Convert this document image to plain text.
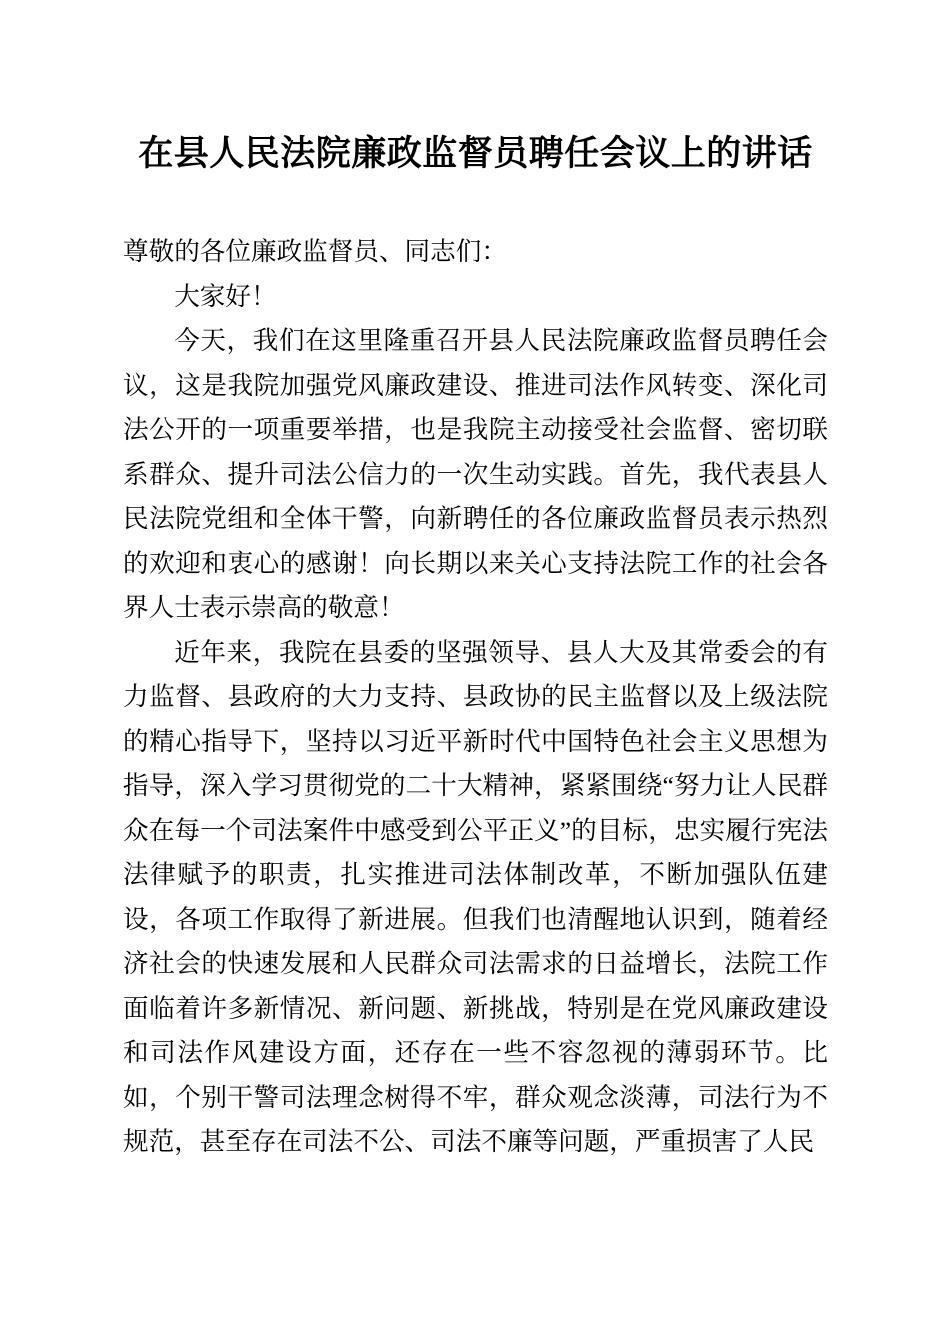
在县人民法院廉政监督员聘任会议上的讲话

尊敬的各位廉政监督员、同志们：

大家好！

今天，我们在这里隆重召开县人民法院廉政监督员聘任会议，这是我院加强党风廉政建设、推进司法作风转变、深化司法公开的一项重要举措，也是我院主动接受社会监督、密切联系群众、提升司法公信力的一次生动实践。首先，我代表县人民法院党组和全体干警，向新聘任的各位廉政监督员表示热烈的欢迎和衷心的感谢！向长期以来关心支持法院工作的社会各界人士表示崇高的敬意！

近年来，我院在县委的坚强领导、县人大及其常委会的有力监督、县政府的大力支持、县政协的民主监督以及上级法院的精心指导下，坚持以习近平新时代中国特色社会主义思想为指导，深入学习贯彻党的二十大精神，紧紧围绕“努力让人民群众在每一个司法案件中感受到公平正义”的目标，忠实履行宪法法律赋予的职责，扎实推进司法体制改革，不断加强队伍建设，各项工作取得了新进展。但我们也清醒地认识到，随着经济社会的快速发展和人民群众司法需求的日益增长，法院工作面临着许多新情况、新问题、新挑战，特别是在党风廉政建设和司法作风建设方面，还存在一些不容忽视的薄弱环节。比如，个别干警司法理念树得不牢，群众观念淡薄，司法行为不规范，甚至存在司法不公、司法不廉等问题，严重损害了人民
